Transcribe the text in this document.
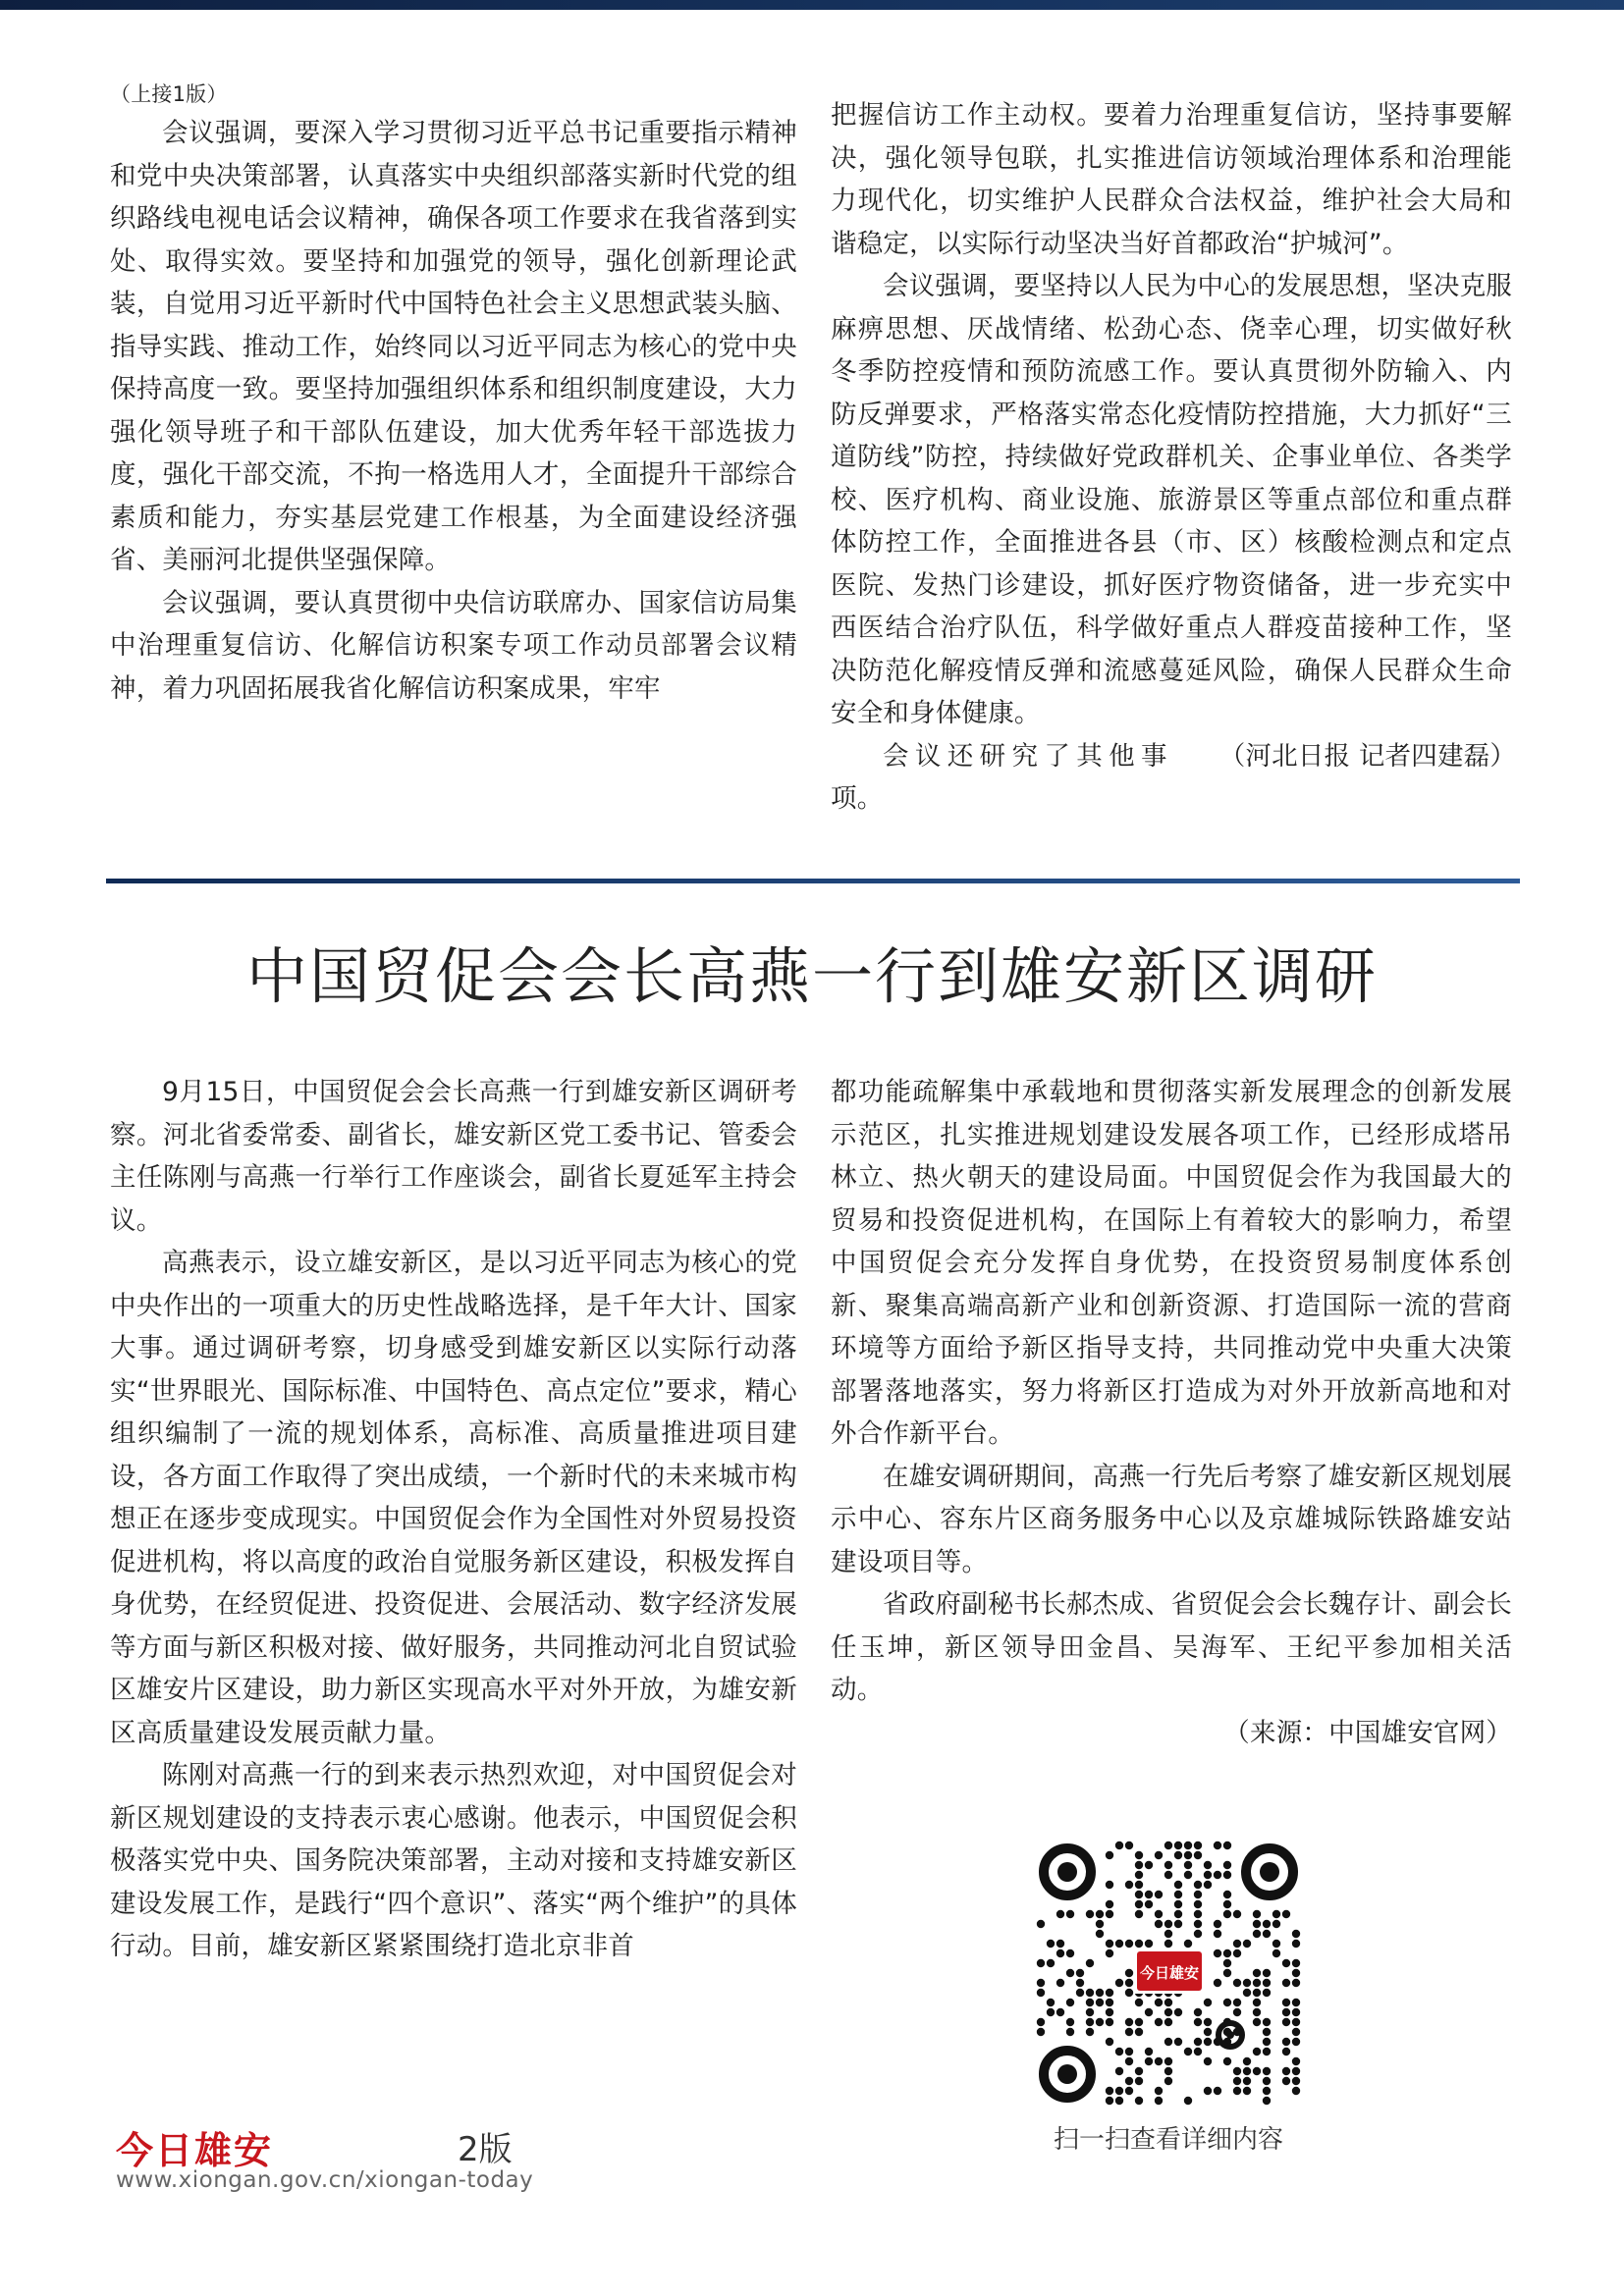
（上接1版）

会议强调，要深入学习贯彻习近平总书记重要指示精神和党中央决策部署，认真落实中央组织部落实新时代党的组织路线电视电话会议精神，确保各项工作要求在我省落到实处、取得实效。要坚持和加强党的领导，强化创新理论武装，自觉用习近平新时代中国特色社会主义思想武装头脑、指导实践、推动工作，始终同以习近平同志为核心的党中央保持高度一致。要坚持加强组织体系和组织制度建设，大力强化领导班子和干部队伍建设，加大优秀年轻干部选拔力度，强化干部交流，不拘一格选用人才，全面提升干部综合素质和能力，夯实基层党建工作根基，为全面建设经济强省、美丽河北提供坚强保障。

会议强调，要认真贯彻中央信访联席办、国家信访局集中治理重复信访、化解信访积案专项工作动员部署会议精神，着力巩固拓展我省化解信访积案成果，牢牢

把握信访工作主动权。要着力治理重复信访，坚持事要解决，强化领导包联，扎实推进信访领域治理体系和治理能力现代化，切实维护人民群众合法权益，维护社会大局和谐稳定，以实际行动坚决当好首都政治“护城河”。

会议强调，要坚持以人民为中心的发展思想，坚决克服麻痹思想、厌战情绪、松劲心态、侥幸心理，切实做好秋冬季防控疫情和预防流感工作。要认真贯彻外防输入、内防反弹要求，严格落实常态化疫情防控措施，大力抓好“三道防线”防控，持续做好党政群机关、企事业单位、各类学校、医疗机构、商业设施、旅游景区等重点部位和重点群体防控工作，全面推进各县（市、区）核酸检测点和定点医院、发热门诊建设，抓好医疗物资储备，进一步充实中西医结合治疗队伍，科学做好重点人群疫苗接种工作，坚决防范化解疫情反弹和流感蔓延风险，确保人民群众生命安全和身体健康。

会议还研究了其他事项。
（河北日报 记者四建磊）
中国贸促会会长高燕一行到雄安新区调研

9月15日，中国贸促会会长高燕一行到雄安新区调研考察。河北省委常委、副省长，雄安新区党工委书记、管委会主任陈刚与高燕一行举行工作座谈会，副省长夏延军主持会议。

高燕表示，设立雄安新区，是以习近平同志为核心的党中央作出的一项重大的历史性战略选择，是千年大计、国家大事。通过调研考察，切身感受到雄安新区以实际行动落实“世界眼光、国际标准、中国特色、高点定位”要求，精心组织编制了一流的规划体系，高标准、高质量推进项目建设，各方面工作取得了突出成绩，一个新时代的未来城市构想正在逐步变成现实。中国贸促会作为全国性对外贸易投资促进机构，将以高度的政治自觉服务新区建设，积极发挥自身优势，在经贸促进、投资促进、会展活动、数字经济发展等方面与新区积极对接、做好服务，共同推动河北自贸试验区雄安片区建设，助力新区实现高水平对外开放，为雄安新区高质量建设发展贡献力量。

陈刚对高燕一行的到来表示热烈欢迎，对中国贸促会对新区规划建设的支持表示衷心感谢。他表示，中国贸促会积极落实党中央、国务院决策部署，主动对接和支持雄安新区建设发展工作，是践行“四个意识”、落实“两个维护”的具体行动。目前，雄安新区紧紧围绕打造北京非首

都功能疏解集中承载地和贯彻落实新发展理念的创新发展示范区，扎实推进规划建设发展各项工作，已经形成塔吊林立、热火朝天的建设局面。中国贸促会作为我国最大的贸易和投资促进机构，在国际上有着较大的影响力，希望中国贸促会充分发挥自身优势，在投资贸易制度体系创新、聚集高端高新产业和创新资源、打造国际一流的营商环境等方面给予新区指导支持，共同推动党中央重大决策部署落地落实，努力将新区打造成为对外开放新高地和对外合作新平台。

在雄安调研期间，高燕一行先后考察了雄安新区规划展示中心、容东片区商务服务中心以及京雄城际铁路雄安站建设项目等。

省政府副秘书长郝杰成、省贸促会会长魏存计、副会长任玉坤，新区领导田金昌、吴海军、王纪平参加相关活动。

（来源：中国雄安官网）

今日雄安
扫一扫查看详细内容
今日雄安	2版
www.xiongan.gov.cn/xiongan-today
